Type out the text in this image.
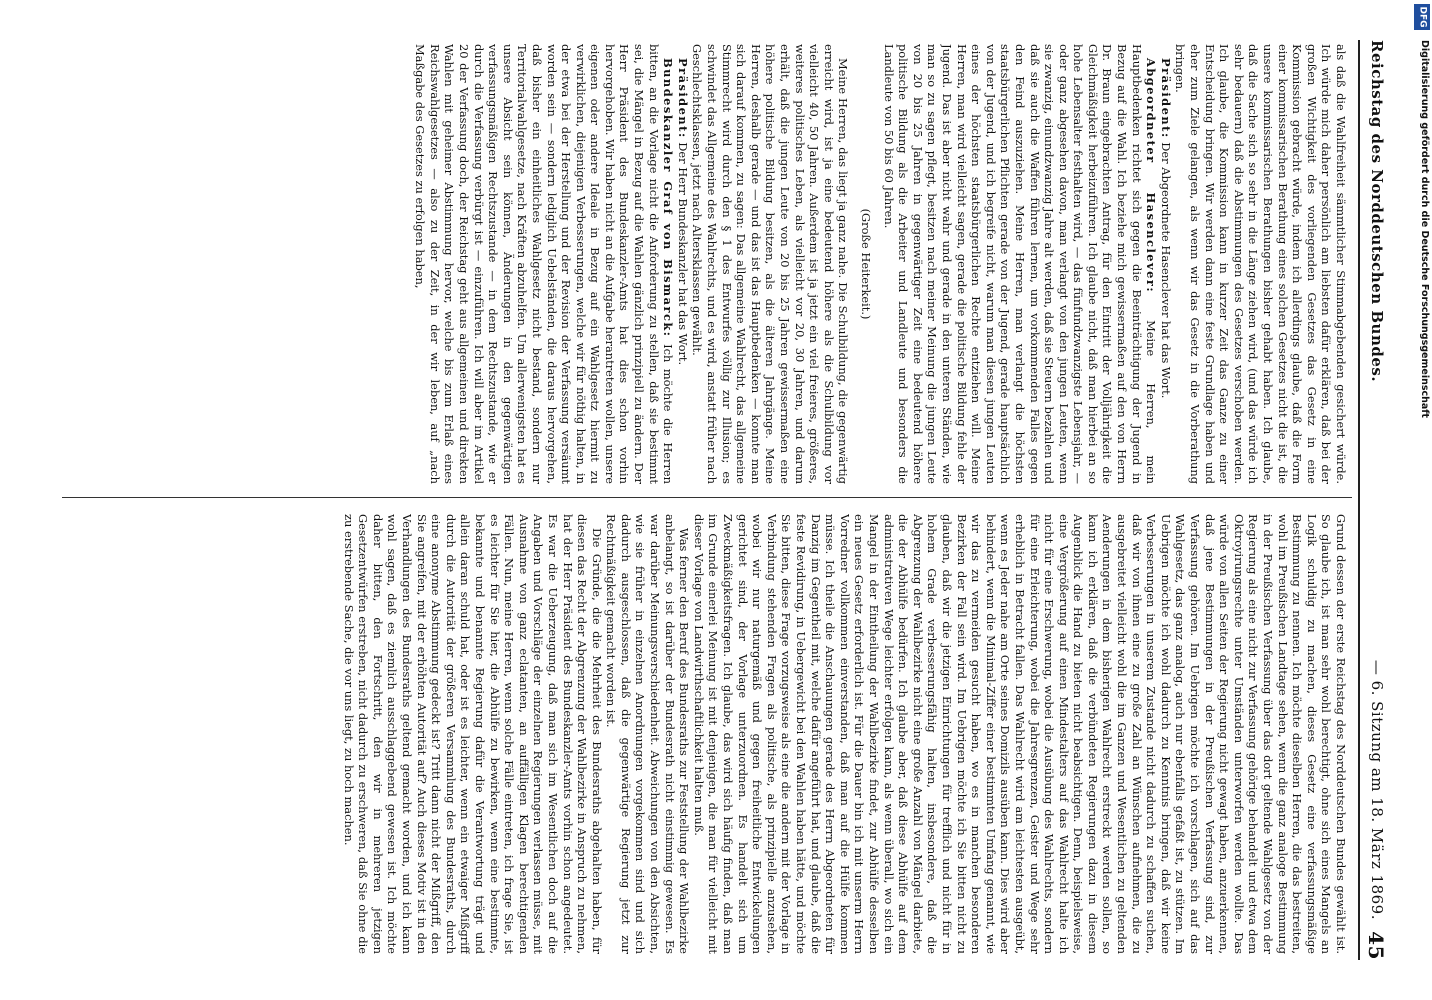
Reichstag des Norddeutschen Bundes.
— 6. Sitzung am 18. März 1869.
45

als daß die Wahlfreiheit sämmtlicher Stimmabgebenden gesichert würde. Ich würde mich daher persönlich am liebsten dafür erklären, daß bei der großen Wichtigkeit des vorliegenden Gesetzes das Gesetz in eine Kommission gebracht würde, indem ich allerdings glaube, daß die Form einer kommissarischen Berathung eines solchen Gesetzes nicht die ist, die unsere kommissarischen Berathungen bisher gehabt haben. Ich glaube, daß die Sache sich so sehr in die Länge ziehen wird, (und das würde ich sehr bedauern) daß die Abstimmungen des Gesetzes verschoben werden. Ich glaube, die Kommission kann in kurzer Zeit das Ganze zu einer Entscheidung bringen. Wir werden dann eine feste Grundlage haben und eher zum Ziele gelangen, als wenn wir das Gesetz in die Vorberathung bringen.

Präsident: Der Abgeordnete Hasenclever hat das Wort.

Abgeordneter Hasenclever: Meine Herren, mein Hauptbedenken richtet sich gegen die Beeinträchtigung der Jugend in Bezug auf die Wahl. Ich beziehe mich gewissermaßen auf den von Herrn Dr. Braun eingebrachten Antrag, für den Eintritt der Volljährigkeit die Gleichmäßigkeit herbeizuführen. Ich glaube nicht, daß man hierbei an so hohe Lebensalter festhalten wird, — das fünfundzwanzigste Lebensjahr, — oder ganz abgesehen davon, man verlangt von den jungen Leuten, wenn sie zwanzig, einundzwanzig Jahre alt werden, daß sie Steuern bezahlen und daß sie auch die Waffen führen lernen, um vorkommenden Falles gegen den Feind auszuziehen. Meine Herren, man verlangt die höchsten staatsbürgerlichen Pflichten gerade von der Jugend, gerade hauptsächlich von der Jugend, und ich begreife nicht, warum man diesen jungen Leuten eines der höchsten staatsbürgerlichen Rechte entziehen will. Meine Herren, man wird vielleicht sagen, gerade die politische Bildung fehle der Jugend. Das ist aber nicht wahr und gerade in den unteren Ständen, wie man so zu sagen pflegt, besitzen nach meiner Meinung die jungen Leute von 20 bis 25 Jahren in gegenwärtiger Zeit eine bedeutend höhere politische Bildung als die Arbeiter und Landleute und besonders die Landleute von 50 bis 60 Jahren.

(Große Heiterkeit.)

Meine Herren, das liegt ja ganz nahe. Die Schulbildung, die gegenwärtig erreicht wird, ist ja eine bedeutend höhere als die Schulbildung vor vielleicht 40, 50 Jahren. Außerdem ist ja jetzt ein viel freieres, größeres, weiteres politisches Leben, als vielleicht vor 20, 30 Jahren, und darum erhält, daß die jungen Leute von 20 bis 25 Jahren gewissermaßen eine höhere politische Bildung besitzen, als die älteren Jahrgänge. Meine Herren, deshalb gerade — und das ist das Hauptbedenken — konnte man sich darauf kommen, zu sagen: Das allgemeine Wahlrecht, das allgemeine Stimmrecht wird durch den § 1 des Entwurfes völlig zur Illusion; es schwindet das Allgemeine des Wahlrechts, und es wird, anstatt früher nach Geschlechtsklassen, jetzt nach Altersklassen gewählt.

Präsident: Der Herr Bundeskanzler hat das Wort.

Bundeskanzler Graf von Bismarck: Ich möchte die Herren bitten, an die Vorlage nicht die Anforderung zu stellen, daß sie bestimmt sei, die Mängel in Bezug auf die Wahlen gänzlich prinzipiell zu ändern. Der Herr Präsident des Bundeskanzler-Amts hat dies schon vorhin hervorgehoben. Wir haben nicht an die Aufgabe herantreten wollen, unsere eigenen oder andere Ideale in Bezug auf ein Wahlgesetz hiermit zu verwirklichen, diejenigen Verbesserungen, welche wir für nöthig halten, in der etwa bei der Herstellung und der Revision der Verfassung versäumt worden sein — sondern lediglich Uebelständen, die daraus hervorgehen, daß bisher ein einheitliches Wahlgesetz nicht bestand, sondern nur Territorialwahlgesetze, nach Kräften abzuhelfen. Um allerwenigsten hat es unsere Absicht sein können, Änderungen in den gegenwärtigen verfassungsmäßigen Rechtszustande — in dem Rechtszustande, wie er durch die Verfassung verbürgt ist — einzuführen. Ich will aber im Artikel 20 der Verfassung doch, der Reichstag geht aus allgemeinen und direkten Wahlen mit geheimer Abstimmung hervor, welche bis zum Erlaß eines Reichswahlgesetzes — also zu der Zeit, in der wir leben, auf „nach Maßgabe des Gesetzes zu erfolgen haben,

Grund dessen der erste Reichstag des Norddeutschen Bundes gewählt ist. So glaube ich, ist man sehr wohl berechtigt, ohne sich eines Mangels an Logik schuldig zu machen, dieses Gesetz eine verfassungsmäßige Bestimmung zu nennen. Ich möchte dieselben Herren, die das bestreiten, wohl im Preußischen Landtage sehen, wenn die ganz analoge Bestimmung in der Preußischen Verfassung über das dort geltende Wahlgesetz von der Regierung als eine nicht zur Verfassung gehörige behandelt und etwa dem Oktroyirungsrechte unter Umständen unterworfen werden wollte. Das würde von allen Seiten der Regierung nicht gewagt haben, anzuerkennen, daß jene Bestimmungen in der Preußischen Verfassung sind, zur Verfassung gehören. Im Uebrigen möchte ich vorschlagen, sich auf das Wahlgesetz, das ganz analog, auch nur ebenfalls gefaßt ist, zu stützen. Im Uebrigen möchte ich wohl dadurch zu Kenntnis bringen, daß wir keine Verbesserungen in unserem Zustande nicht dadurch zu schaffen suchen, daß wir von ihnen eine zu große Zahl an Wünschen aufnehmen, die zu ausgebreitet vielleicht wohl die im Ganzen und Wesentlichen zu geltenden Aenderungen in dem bisherigen Wahlrecht erstreckt werden sollen, so kann ich erklären, daß die verbündeten Regierungen dazu in diesem Augenblick die Hand zu bieten nicht beabsichtigen. Denn, beispielsweise, eine Vergrößerung auf einen Mindestalters auf das Wahlrecht halte ich nicht für eine Erschwerung, wobei die Ausübung des Wahlrechts, sondern für eine Erleichterung, wobei die Jahresgrenzen, Geister und Wege sehr erheblich in Betracht fallen. Das Wahlrecht wird am leichtesten ausgeübt, wenn es Jeder nahe am Orte seines Domizils ausüben kann. Dies wird aber behindert, wenn die Minimal-Ziffer einer bestimmten Umfang genannt, wie wir das zu vermeiden gesucht haben, wo es in manchen besonderen Bezirken der Fall sein wird. Im Uebrigen möchte ich Sie bitten nicht zu glauben, daß wir die jetzigen Einrichtungen für trefflich und nicht für in hohem Grade verbesserungsfähig halten, insbesondere, daß die Abgrenzung der Wahlbezirke nicht eine große Anzahl von Mängel darbiete, die der Abhülfe bedürfen. Ich glaube aber, daß diese Abhülfe auf dem administrativen Wege leichter erfolgen kann, als wenn überall, wo sich ein Mangel in der Eintheilung der Wahlbezirke findet, zur Abhülfe desselben ein neues Gesetz erforderlich ist. Für die Dauer bin ich mit unserm Herrn Vorredner vollkommen einverstanden, daß man auf die Hülfe kommen müsse. Ich theile die Anschauungen gerade des Herrn Abgeordneten für Danzig im Gegentheil mit, welche dafür angeführt hat, und glaube, daß die feste Revidirung, in Uebergewicht bei den Wahlen haben hätte, und möchte Sie bitten, diese Frage vorzugsweise als eine die andern mit der Vorlage in Verbindung stehenden Fragen als politische, als prinzipielle anzusehen, wobei wir nur naturgemäß und gegen freiheitliche Entwickelungen gerichtet sind, der Vorlage unterzuordnen. Es handelt sich um Zweckmäßigkeitsfragen. Ich glaube, das wird sich häufig finden, daß man im Grunde einerlei Meinung ist mit denjenigen, die man für vielleicht mit dieser Vorlage von Landwirthschaftlichkeit halten muß.

Was ferner den Beruf des Bundesraths zur Feststellung der Wahlbezirke anbelangt, so ist darüber der Bundesrath nicht einstimmig gewesen. Es war darüber Meinungsverschiedenheit. Abweichungen von den Absichten, wie sie früher in einzelnen Anordnungen vorgekommen sind und sich dadurch ausgeschlossen, daß die gegenwärtige Regierung jetzt zur Rechtmäßigkeit gemacht worden ist.

Die Gründe, die die Mehrheit des Bundesraths abgehalten haben, für diesen das Recht der Abgrenzung der Wahlbezirke in Anspruch zu nehmen, hat der Herr Präsident des Bundeskanzler-Amts vorhin schon angedeutet. Es war die Ueberzeugung, daß man sich im Wesentlichen doch auf die Angaben und Vorschläge der einzelnen Regierungen verlassen müsse, mit Ausnahme von ganz eclatanten, an auffälligen Klagen berechtigenden Fällen. Nun, meine Herren, wenn solche Fälle eintreten, ich frage Sie, ist es leichter für Sie hier, die Abhülfe zu bewirken, wenn eine bestimmte, bekannte und benannte Regierung dafür die Verantwortung trägt und allein daran schuld hat, oder ist es leichter, wenn ein etwaiger Mißgriff durch die Autorität der größeren Versammlung des Bundesraths, durch eine anonyme Abstimmung gedeckt ist? Tritt dann nicht der Mißgriff, den Sie angreifen, mit der erhöhten Autorität auf? Auch dieses Motiv ist in den Verhandlungen des Bundesraths geltend gemacht worden, und ich kann wohl sagen, daß es ziemlich ausschlaggebend gewesen ist. Ich möchte daher bitten, den Fortschritt, den wir in mehreren jetzigen Gesetzentwürfen erstreben, nicht dadurch zu erschweren, daß Sie ohne die zu erstrebende Sache, die vor uns liegt, zu hoch machen.

DFG
Digitalisierung gefördert durch die Deutsche Forschungsgemeinschaft
